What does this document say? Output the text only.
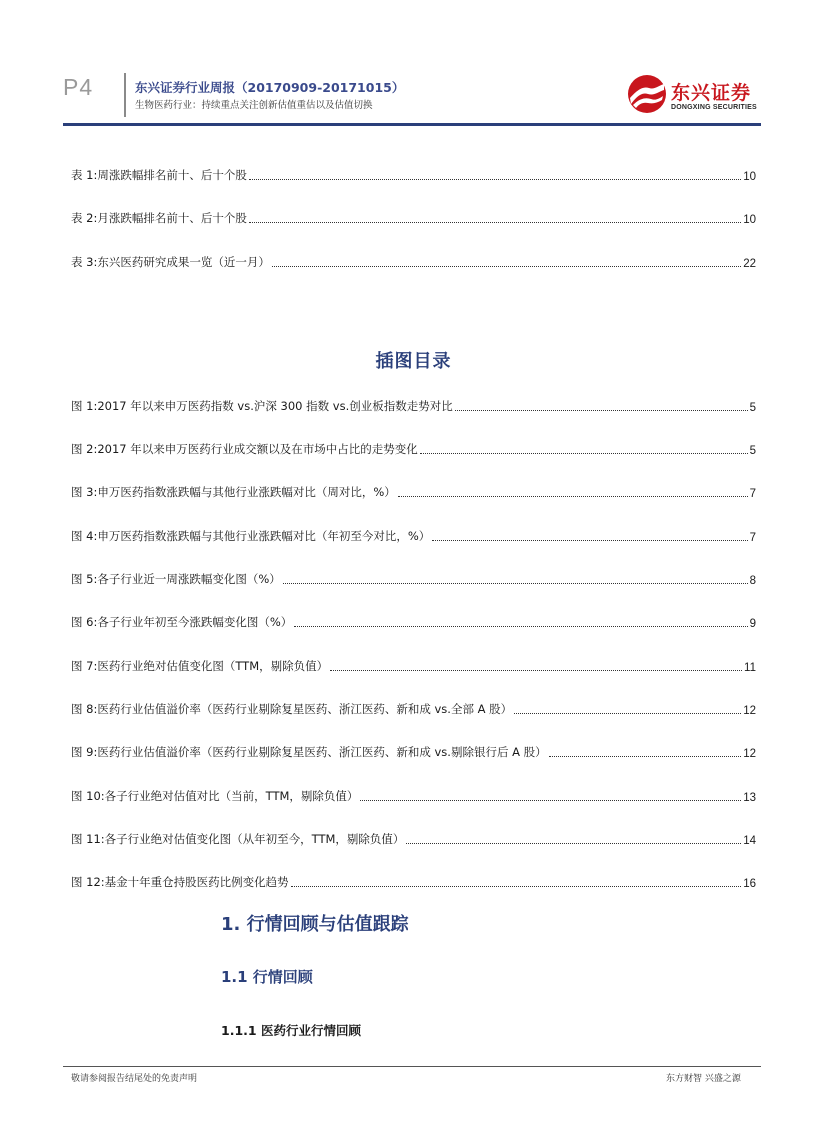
P4	东兴证券行业周报（20170909-20171015）
生物医药行业：持续重点关注创新估值重估以及估值切换
东兴证券
DONGXING SECURITIES
表 1:周涨跌幅排名前十、后十个股	10
表 2:月涨跌幅排名前十、后十个股	10
表 3:东兴医药研究成果一览（近一月）	22
插图目录
图 1:2017 年以来申万医药指数 vs.沪深 300 指数 vs.创业板指数走势对比	5
图 2:2017 年以来申万医药行业成交额以及在市场中占比的走势变化	5
图 3:申万医药指数涨跌幅与其他行业涨跌幅对比（周对比，%）	7
图 4:申万医药指数涨跌幅与其他行业涨跌幅对比（年初至今对比，%）	7
图 5:各子行业近一周涨跌幅变化图（%）	8
图 6:各子行业年初至今涨跌幅变化图（%）	9
图 7:医药行业绝对估值变化图（TTM，剔除负值）	11
图 8:医药行业估值溢价率（医药行业剔除复星医药、浙江医药、新和成 vs.全部 A 股）	12
图 9:医药行业估值溢价率（医药行业剔除复星医药、浙江医药、新和成 vs.剔除银行后 A 股）	12
图 10:各子行业绝对估值对比（当前，TTM，剔除负值）	13
图 11:各子行业绝对估值变化图（从年初至今，TTM，剔除负值）	14
图 12:基金十年重仓持股医药比例变化趋势	16
1. 行情回顾与估值跟踪
1.1 行情回顾
1.1.1 医药行业行情回顾
敬请参阅报告结尾处的免责声明	东方财智 兴盛之源
